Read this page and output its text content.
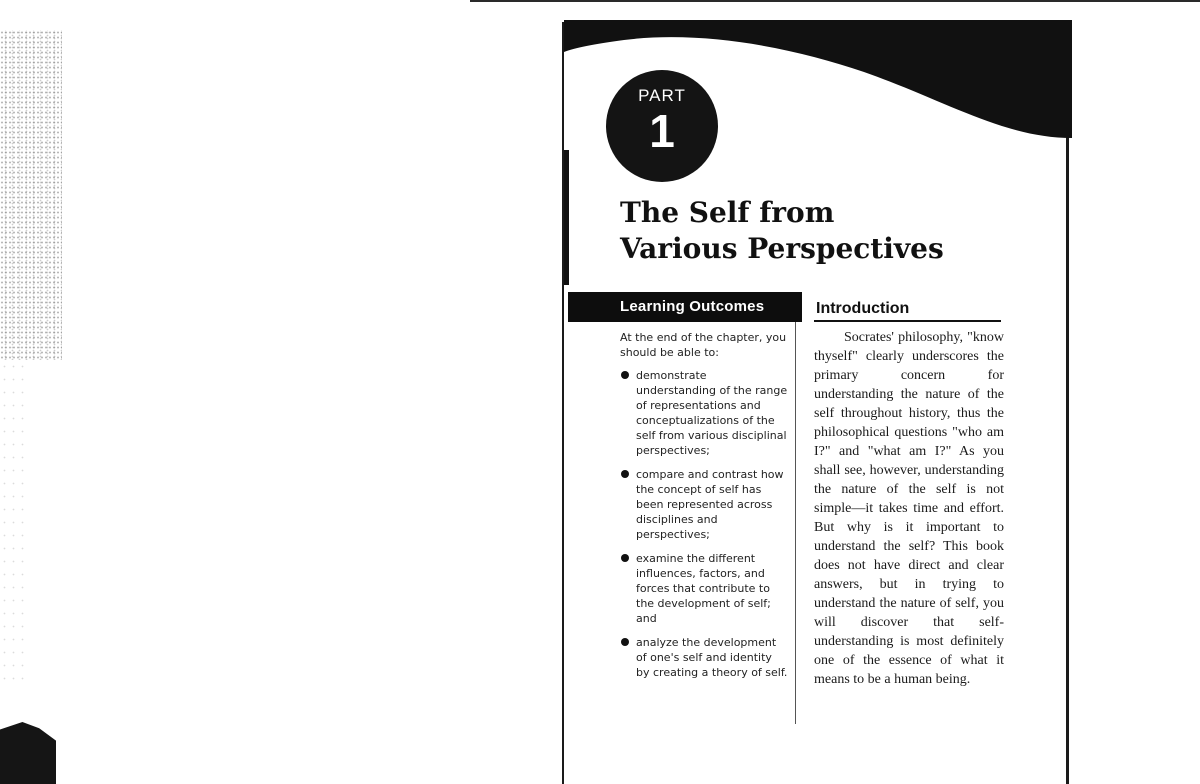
PART
1
The Self from
Various Perspectives
Learning Outcomes

At the end of the chapter, you should be able to:

demonstrate understanding of the range of representations and conceptualizations of the self from various disciplinal perspectives;
compare and contrast how the concept of self has been represented across disciplines and perspectives;
examine the different influences, factors, and forces that contribute to the development of self; and
analyze the development of one's self and identity by creating a theory of self.
Introduction

Socrates' philosophy, "know thyself" clearly underscores the primary concern for understanding the nature of the self throughout history, thus the philosophical questions "who am I?" and "what am I?" As you shall see, however, understanding the nature of the self is not simple—it takes time and effort. But why is it important to understand the self? This book does not have direct and clear answers, but in trying to understand the nature of self, you will discover that self-understanding is most definitely one of the essence of what it means to be a human being.
